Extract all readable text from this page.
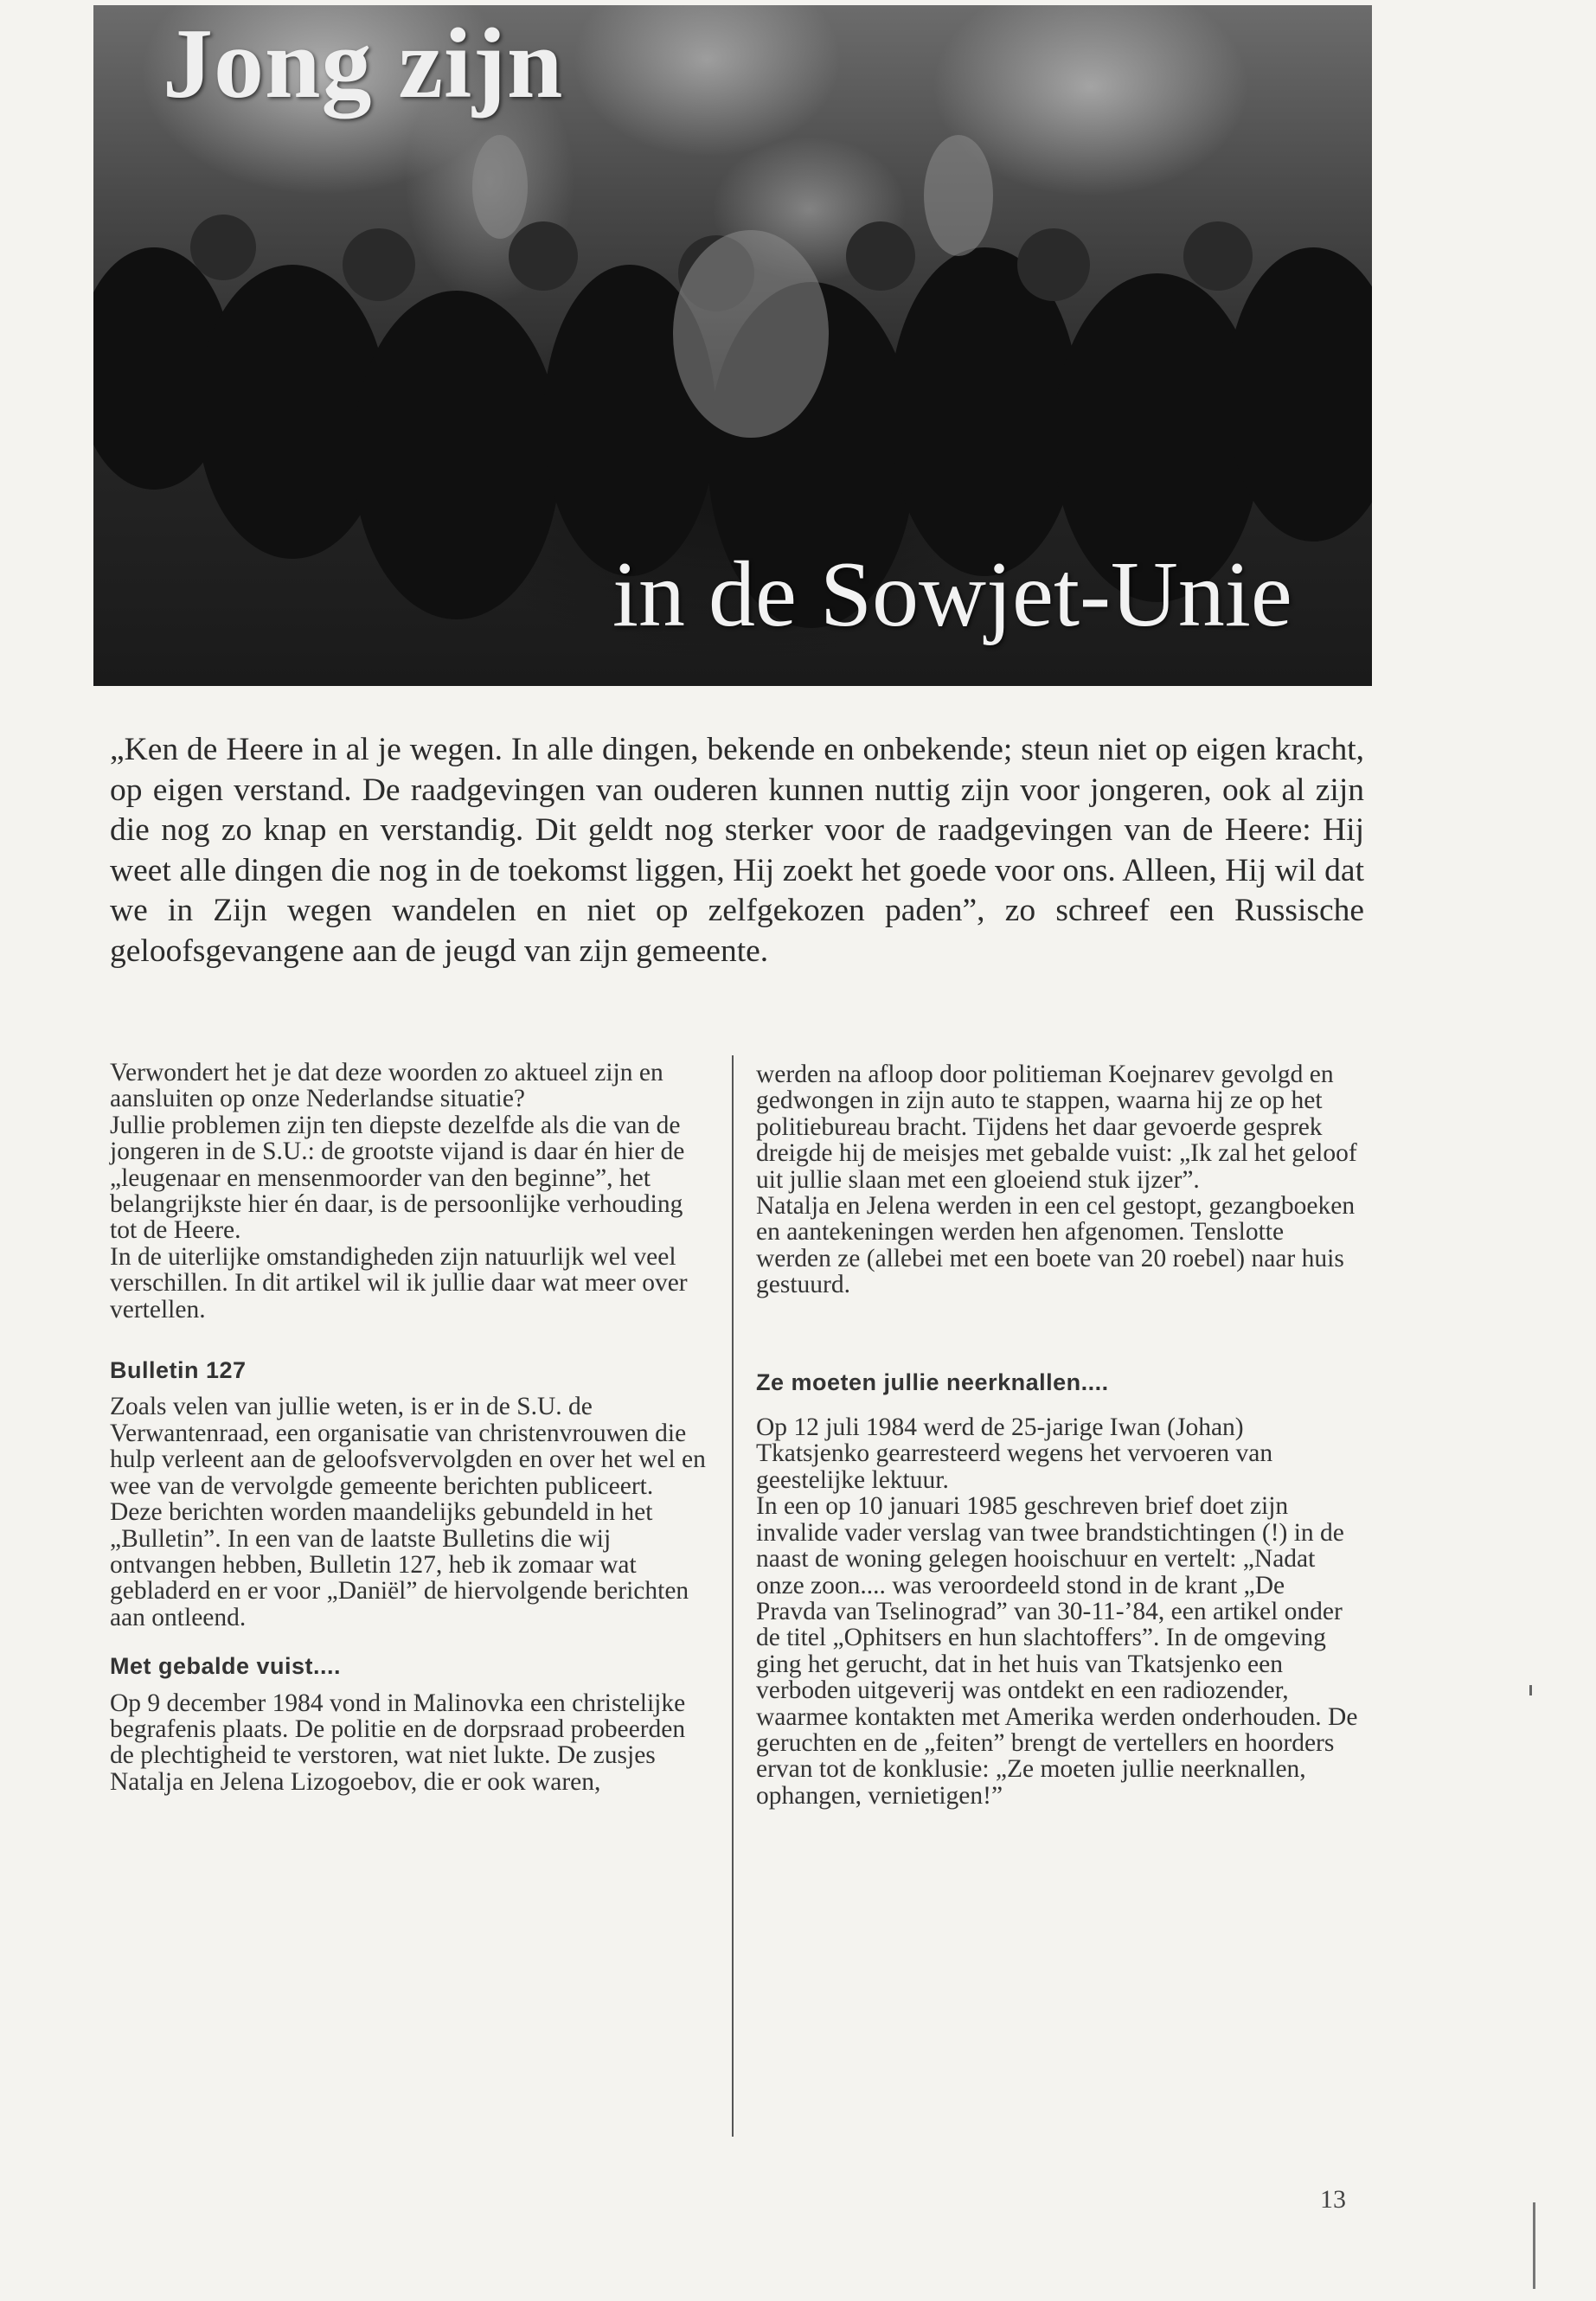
Jong zijn
in de Sowjet-Unie

„Ken de Heere in al je wegen. In alle dingen, bekende en onbekende; steun niet op eigen kracht, op eigen verstand. De raadgevingen van ouderen kunnen nuttig zijn voor jongeren, ook al zijn die nog zo knap en verstandig. Dit geldt nog sterker voor de raadgevingen van de Heere: Hij weet alle dingen die nog in de toekomst liggen, Hij zoekt het goede voor ons. Alleen, Hij wil dat we in Zijn wegen wandelen en niet op zelfgekozen paden”, zo schreef een Russische geloofsgevangene aan de jeugd van zijn gemeente.

Verwondert het je dat deze woorden zo aktueel zijn en aansluiten op onze Nederlandse situatie?

Jullie problemen zijn ten diepste dezelfde als die van de jongeren in de S.U.: de grootste vijand is daar én hier de „leugenaar en mensenmoorder van den beginne”, het belangrijkste hier én daar, is de persoonlijke verhouding tot de Heere.

In de uiterlijke omstandigheden zijn natuurlijk wel veel verschillen. In dit artikel wil ik jullie daar wat meer over vertellen.

Bulletin 127

Zoals velen van jullie weten, is er in de S.U. de Verwantenraad, een organisatie van christenvrouwen die hulp verleent aan de geloofsvervolgden en over het wel en wee van de vervolgde gemeente berichten publiceert.

Deze berichten worden maandelijks gebundeld in het „Bulletin”. In een van de laatste Bulletins die wij ontvangen hebben, Bulletin 127, heb ik zomaar wat gebladerd en er voor „Daniël” de hiervolgende berichten aan ontleend.

Met gebalde vuist....

Op 9 december 1984 vond in Malinovka een christelijke begrafenis plaats. De politie en de dorpsraad probeerden de plechtigheid te verstoren, wat niet lukte. De zusjes Natalja en Jelena Lizogoebov, die er ook waren,

werden na afloop door politieman Koejnarev gevolgd en gedwongen in zijn auto te stappen, waarna hij ze op het politiebureau bracht. Tijdens het daar gevoerde gesprek dreigde hij de meisjes met gebalde vuist: „Ik zal het geloof uit jullie slaan met een gloeiend stuk ijzer”.

Natalja en Jelena werden in een cel gestopt, gezangboeken en aantekeningen werden hen afgenomen. Tenslotte werden ze (allebei met een boete van 20 roebel) naar huis gestuurd.

Ze moeten jullie neerknallen....

Op 12 juli 1984 werd de 25-jarige Iwan (Johan) Tkatsjenko gearresteerd wegens het vervoeren van geestelijke lektuur.

In een op 10 januari 1985 geschreven brief doet zijn invalide vader verslag van twee brandstichtingen (!) in de naast de woning gelegen hooischuur en vertelt: „Nadat onze zoon.... was veroordeeld stond in de krant „De Pravda van Tselinograd” van 30-11-’84, een artikel onder de titel „Ophitsers en hun slachtoffers”. In de omgeving ging het gerucht, dat in het huis van Tkatsjenko een verboden uitgeverij was ontdekt en een radiozender, waarmee kontakten met Amerika werden onderhouden. De geruchten en de „feiten” brengt de vertellers en hoorders ervan tot de konklusie: „Ze moeten jullie neerknallen, ophangen, vernietigen!”

13
